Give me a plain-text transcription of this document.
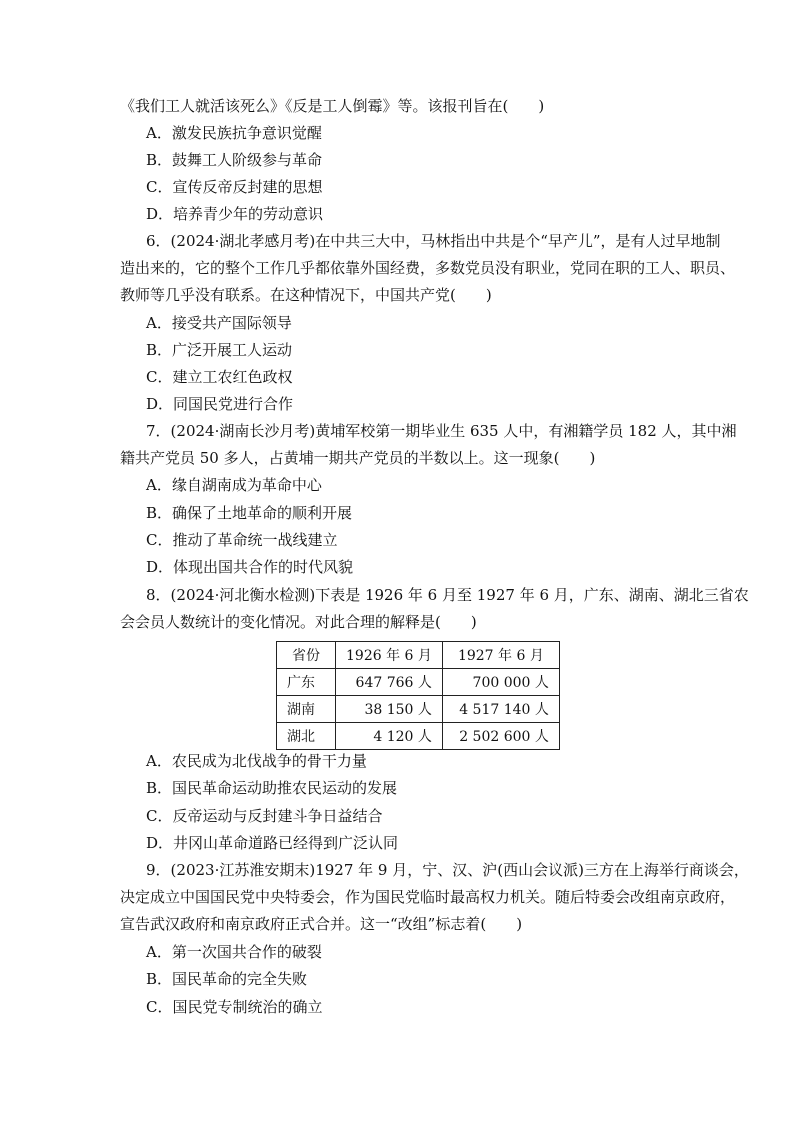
《我们工人就活该死么》《反是工人倒霉》等。该报刊旨在(　　)
A．激发民族抗争意识觉醒
B．鼓舞工人阶级参与革命
C．宣传反帝反封建的思想
D．培养青少年的劳动意识
6．(2024·湖北孝感月考)在中共三大中，马林指出中共是个“早产儿”，是有人过早地制
造出来的，它的整个工作几乎都依靠外国经费，多数党员没有职业，党同在职的工人、职员、
教师等几乎没有联系。在这种情况下，中国共产党(　　)
A．接受共产国际领导
B．广泛开展工人运动
C．建立工农红色政权
D．同国民党进行合作
7．(2024·湖南长沙月考)黄埔军校第一期毕业生 635 人中，有湘籍学员 182 人，其中湘
籍共产党员 50 多人，占黄埔一期共产党员的半数以上。这一现象(　　)
A．缘自湖南成为革命中心
B．确保了土地革命的顺利开展
C．推动了革命统一战线建立
D．体现出国共合作的时代风貌
8．(2024·河北衡水检测)下表是 1926 年 6 月至 1927 年 6 月，广东、湖南、湖北三省农
会会员人数统计的变化情况。对此合理的解释是(　　)
省份	1926 年 6 月	1927 年 6 月
广东	647 766 人	700 000 人
湖南	38 150 人	4 517 140 人
湖北	4 120 人	2 502 600 人
A．农民成为北伐战争的骨干力量
B．国民革命运动助推农民运动的发展
C．反帝运动与反封建斗争日益结合
D．井冈山革命道路已经得到广泛认同
9．(2023·江苏淮安期末)1927 年 9 月，宁、汉、沪(西山会议派)三方在上海举行商谈会，
决定成立中国国民党中央特委会，作为国民党临时最高权力机关。随后特委会改组南京政府，
宣告武汉政府和南京政府正式合并。这一“改组”标志着(　　)
A．第一次国共合作的破裂
B．国民革命的完全失败
C．国民党专制统治的确立
